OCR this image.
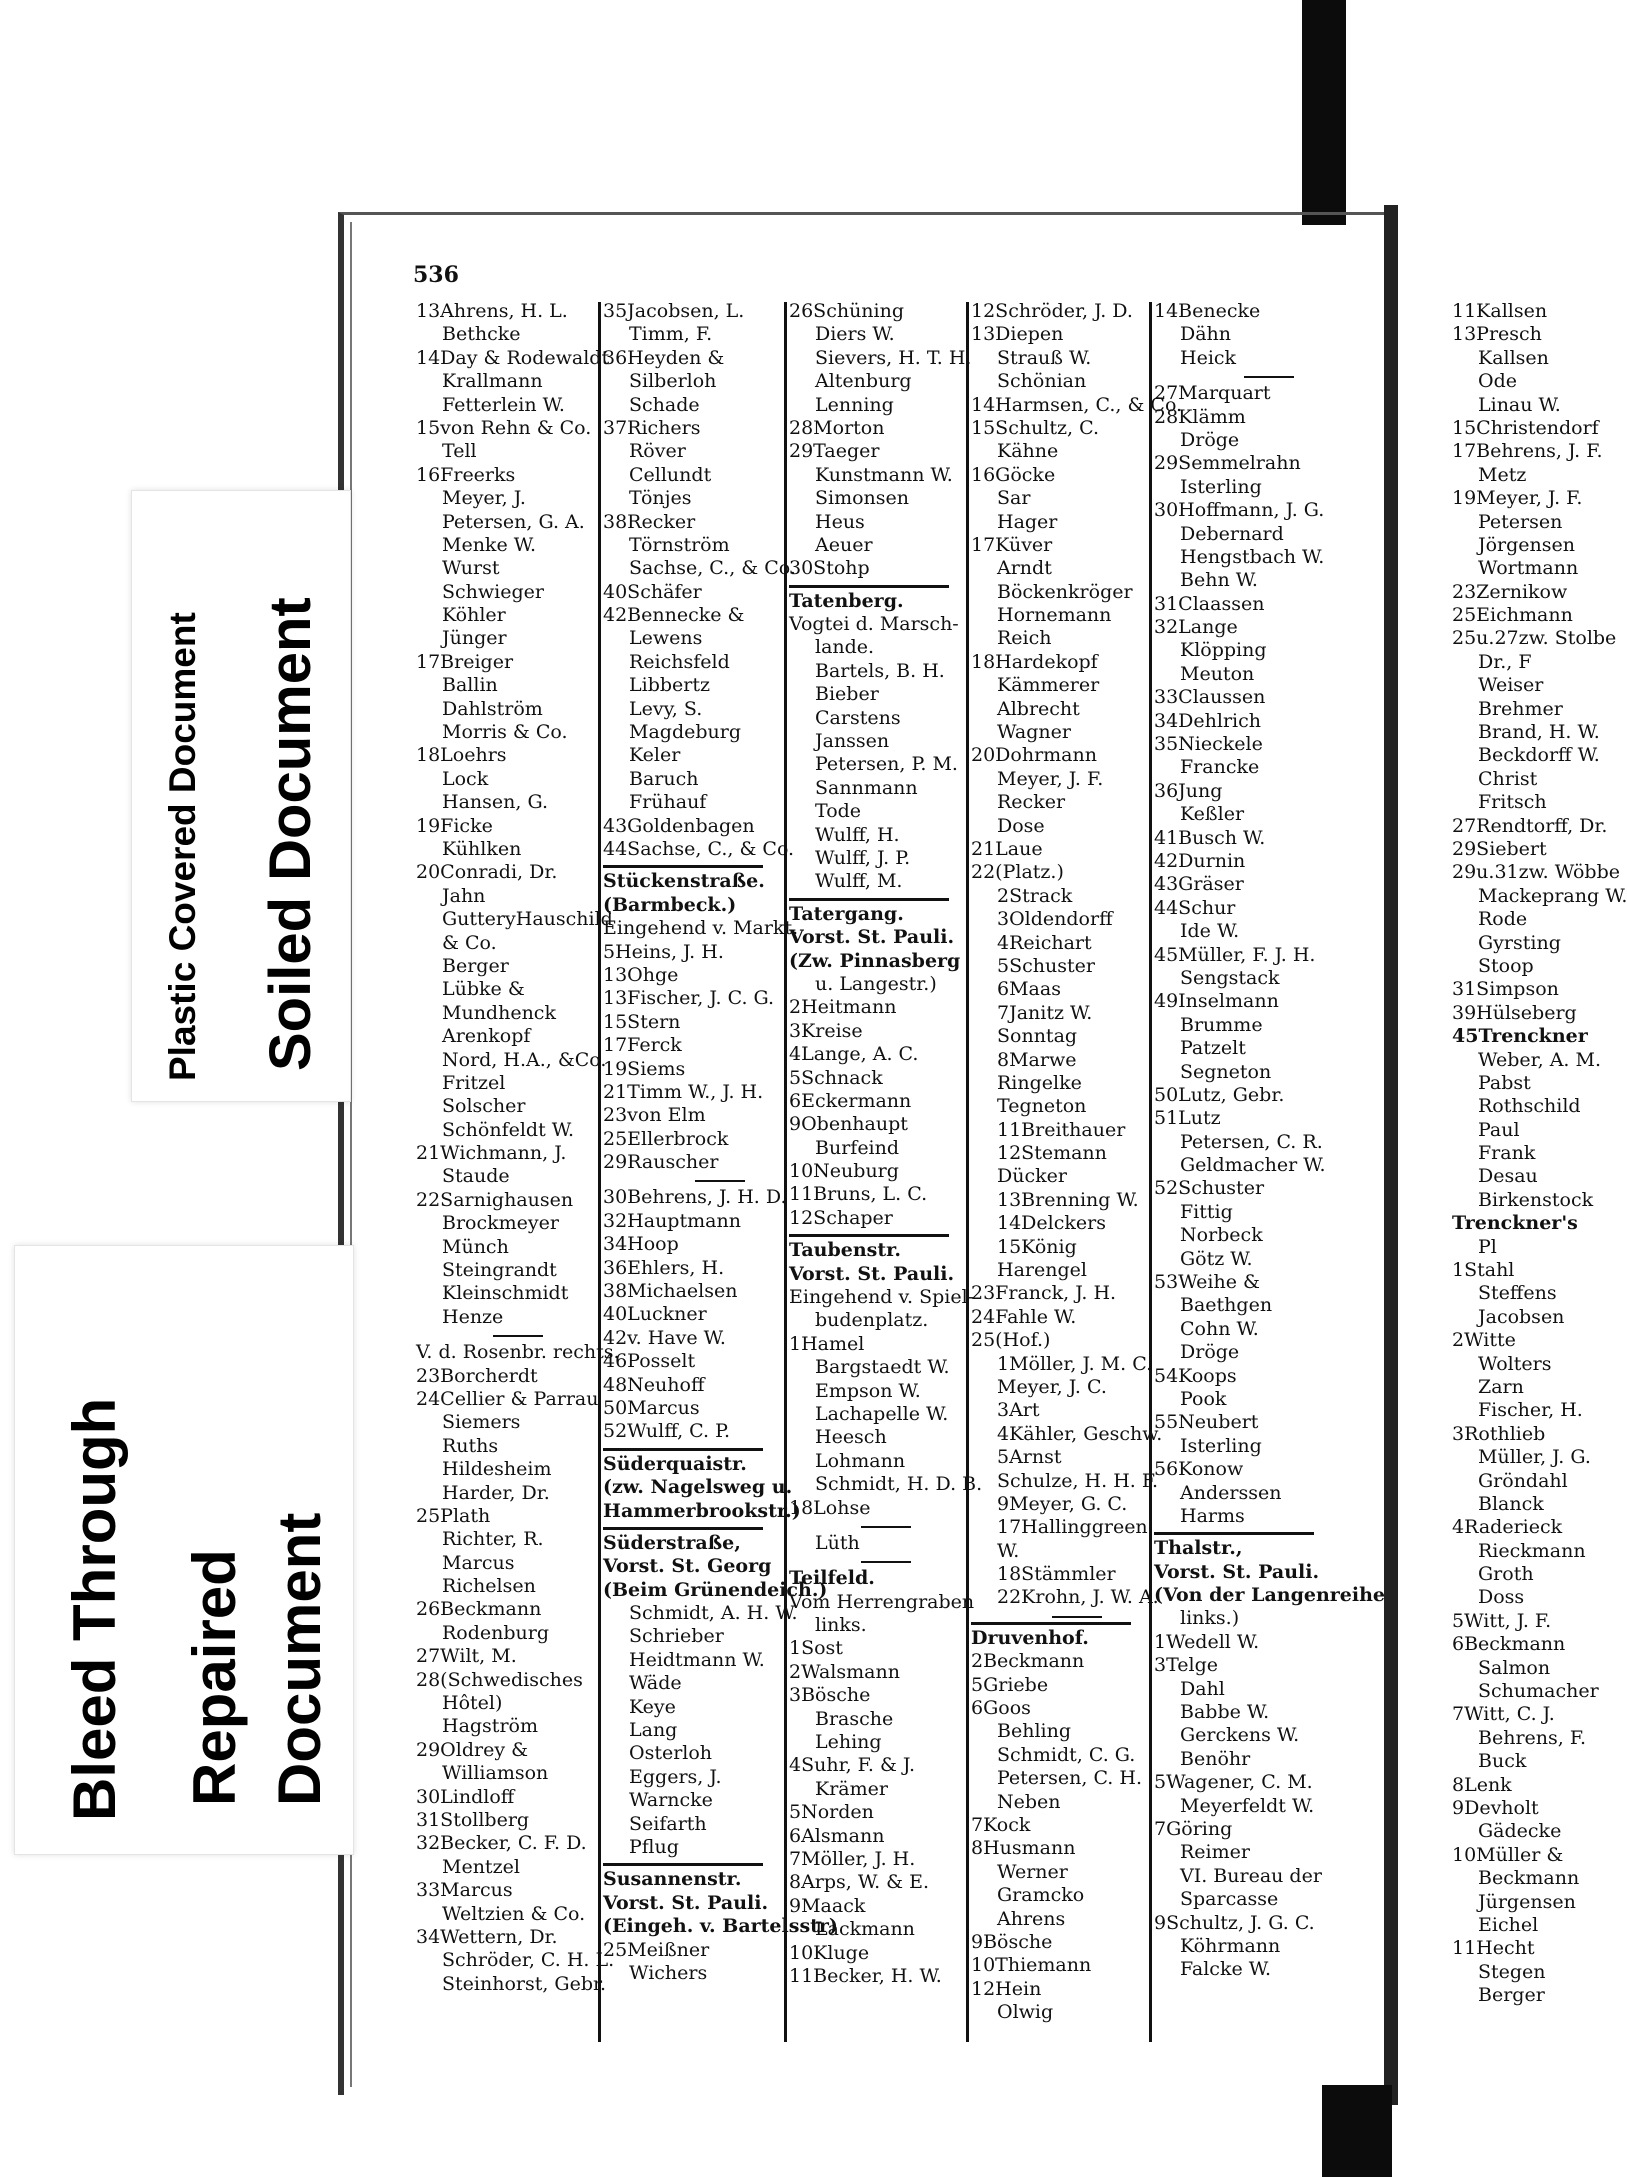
536
13Ahrens, H. L.
Bethcke
14Day & Rodewaldt
Krallmann
Fetterlein W.
15von Rehn & Co.
Tell
16Freerks
Meyer, J.
Petersen, G. A.
Menke W.
Wurst
Schwieger
Köhler
Jünger
17Breiger
Ballin
Dahlström
Morris & Co.
18Loehrs
Lock
Hansen, G.
19Ficke
Kühlken
20Conradi, Dr.
Jahn
GutteryHauschild
& Co.
Berger
Lübke &
Mundhenck
Arenkopf
Nord, H.A., &Co.
Fritzel
Solscher
Schönfeldt W.
21Wichmann, J.
Staude
22Sarnighausen
Brockmeyer
Münch
Steingrandt
Kleinschmidt
Henze
V. d. Rosenbr. rechts.
23Borcherdt
24Cellier & Parrau
Siemers
Ruths
Hildesheim
Harder, Dr.
25Plath
Richter, R.
Marcus
Richelsen
26Beckmann
Rodenburg
27Wilt, M.
28(Schwedisches
Hôtel)
Hagström
29Oldrey &
Williamson
30Lindloff
31Stollberg
32Becker, C. F. D.
Mentzel
33Marcus
Weltzien & Co.
34Wettern, Dr.
Schröder, C. H. L.
Steinhorst, Gebr.
35Jacobsen, L.
Timm, F.
36Heyden &
Silberloh
Schade
37Richers
Röver
Cellundt
Tönjes
38Recker
Törnström
Sachse, C., & Co.
40Schäfer
42Bennecke &
Lewens
Reichsfeld
Libbertz
Levy, S.
Magdeburg
Keler
Baruch
Frühauf
43Goldenbagen
44Sachse, C., & Co.
Stückenstraße.
(Barmbeck.)
Eingehend v. Markt.
5Heins, J. H.
13Ohge
13Fischer, J. C. G.
15Stern
17Ferck
19Siems
21Timm W., J. H.
23von Elm
25Ellerbrock
29Rauscher
30Behrens, J. H. D.
32Hauptmann
34Hoop
36Ehlers, H.
38Michaelsen
40Luckner
42v. Have W.
46Posselt
48Neuhoff
50Marcus
52Wulff, C. P.
Süderquaistr.
(zw. Nagelsweg u.
Hammerbrookstr.)
Süderstraße,
Vorst. St. Georg
(Beim Grünendeich.)
Schmidt, A. H. W.
Schrieber
Heidtmann W.
Wäde
Keye
Lang
Osterloh
Eggers, J.
Warncke
Seifarth
Pflug
Susannenstr.
Vorst. St. Pauli.
(Eingeh. v. Bartelsstr)
25Meißner
Wichers
26Schüning
Diers W.
Sievers, H. T. H.
Altenburg
Lenning
28Morton
29Taeger
Kunstmann W.
Simonsen
Heus
Aeuer
30Stohp
Tatenberg.
Vogtei d. Marsch-
lande.
Bartels, B. H.
Bieber
Carstens
Janssen
Petersen, P. M.
Sannmann
Tode
Wulff, H.
Wulff, J. P.
Wulff, M.
Tatergang.
Vorst. St. Pauli.
(Zw. Pinnasberg
u. Langestr.)
2Heitmann
3Kreise
4Lange, A. C.
5Schnack
6Eckermann
9Obenhaupt
Burfeind
10Neuburg
11Bruns, L. C.
12Schaper
Taubenstr.
Vorst. St. Pauli.
Eingehend v. Spiel-
budenplatz.
1Hamel
Bargstaedt W.
Empson W.
Lachapelle W.
Heesch
Lohmann
Schmidt, H. D. B.
18Lohse
Lüth
Teilfeld.
Vom Herrengraben
links.
1Sost
2Walsmann
3Bösche
Brasche
Lehing
4Suhr, F. & J.
Krämer
5Norden
6Alsmann
7Möller, J. H.
8Arps, W. & E.
9Maack
Lackmann
10Kluge
11Becker, H. W.
12Schröder, J. D.
13Diepen
Strauß W.
Schönian
14Harmsen, C., & Co.
15Schultz, C.
Kähne
16Göcke
Sar
Hager
17Küver
Arndt
Böckenkröger
Hornemann
Reich
18Hardekopf
Kämmerer
Albrecht
Wagner
20Dohrmann
Meyer, J. F.
Recker
Dose
21Laue
22(Platz.)
2Strack
3Oldendorff
4Reichart
5Schuster
6Maas
7Janitz W.
Sonntag
8Marwe
Ringelke
Tegneton
11Breithauer
12Stemann
Dücker
13Brenning W.
14Delckers
15König
Harengel
23Franck, J. H.
24Fahle W.
25(Hof.)
1Möller, J. M. C.
Meyer, J. C.
3Art
4Kähler, Geschw.
5Arnst
Schulze, H. H. F.
9Meyer, G. C.
17Hallinggreen
W.
18Stämmler
22Krohn, J. W. A.
Druvenhof.
2Beckmann
5Griebe
6Goos
Behling
Schmidt, C. G.
Petersen, C. H.
Neben
7Kock
8Husmann
Werner
Gramcko
Ahrens
9Bösche
10Thiemann
12Hein
Olwig
14Benecke
Dähn
Heick
27Marquart
28Klämm
Dröge
29Semmelrahn
Isterling
30Hoffmann, J. G.
Debernard
Hengstbach W.
Behn W.
31Claassen
32Lange
Klöpping
Meuton
33Claussen
34Dehlrich
35Nieckele
Francke
36Jung
Keßler
41Busch W.
42Durnin
43Gräser
44Schur
Ide W.
45Müller, F. J. H.
Sengstack
49Inselmann
Brumme
Patzelt
Segneton
50Lutz, Gebr.
51Lutz
Petersen, C. R.
Geldmacher W.
52Schuster
Fittig
Norbeck
Götz W.
53Weihe &
Baethgen
Cohn W.
Dröge
54Koops
Pook
55Neubert
Isterling
56Konow
Anderssen
Harms
Thalstr.,
Vorst. St. Pauli.
(Von der Langenreihe
links.)
1Wedell W.
3Telge
Dahl
Babbe W.
Gerckens W.
Benöhr
5Wagener, C. M.
Meyerfeldt W.
7Göring
Reimer
VI. Bureau der
Sparcasse
9Schultz, J. G. C.
Köhrmann
Falcke W.
11Kallsen
13Presch
Kallsen
Ode
Linau W.
15Christendorf
17Behrens, J. F.
Metz
19Meyer, J. F.
Petersen
Jörgensen
Wortmann
23Zernikow
25Eichmann
25u.27zw. Stolbe
Dr., F
Weiser
Brehmer
Brand, H. W.
Beckdorff W.
Christ
Fritsch
27Rendtorff, Dr.
29Siebert
29u.31zw. Wöbbe
Mackeprang W.
Rode
Gyrsting
Stoop
31Simpson
39Hülseberg
45Trenckner
Weber, A. M.
Pabst
Rothschild
Paul
Frank
Desau
Birkenstock
Trenckner's
Pl
1Stahl
Steffens
Jacobsen
2Witte
Wolters
Zarn
Fischer, H.
3Rothlieb
Müller, J. G.
Gröndahl
Blanck
4Raderieck
Rieckmann
Groth
Doss
5Witt, J. F.
6Beckmann
Salmon
Schumacher
7Witt, C. J.
Behrens, F.
Buck
8Lenk
9Devholt
Gädecke
10Müller &
Beckmann
Jürgensen
Eichel
11Hecht
Stegen
Berger
Plastic Covered Document Soiled Document
Bleed Through Repaired Document
